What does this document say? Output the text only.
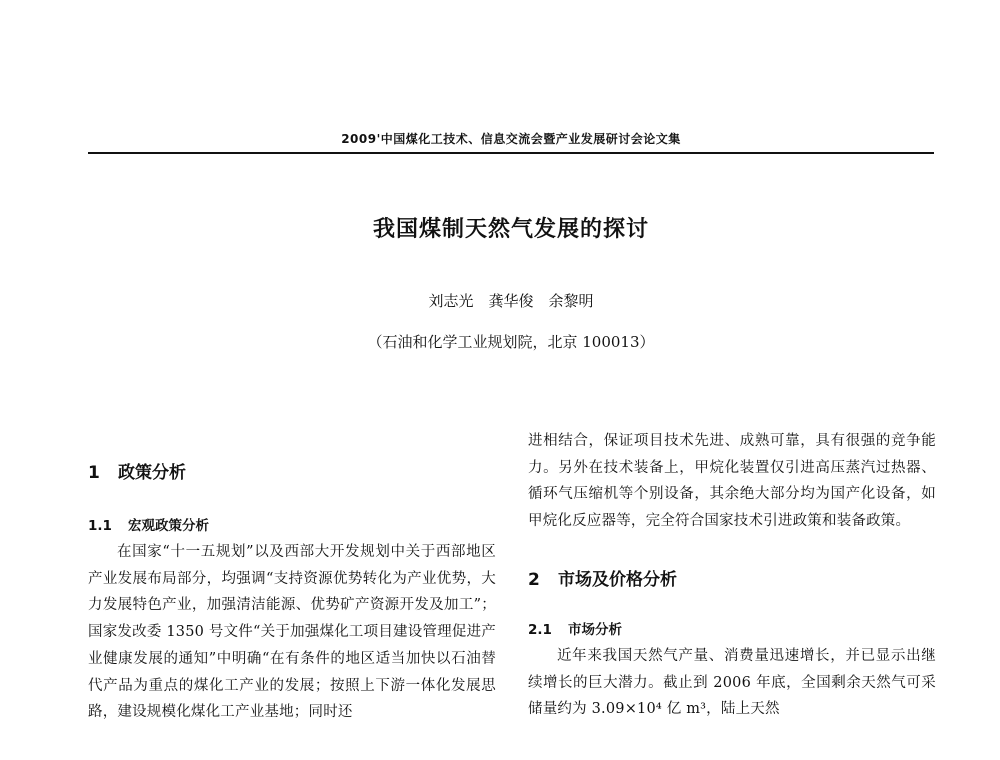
2009'中国煤化工技术、信息交流会暨产业发展研讨会论文集
我国煤制天然气发展的探讨
刘志光　龚华俊　余黎明
（石油和化学工业规划院，北京 100013）
1 政策分析
1.1 宏观政策分析

在国家“十一五规划”以及西部大开发规划中关于西部地区产业发展布局部分，均强调“支持资源优势转化为产业优势，大力发展特色产业，加强清洁能源、优势矿产资源开发及加工”；国家发改委 1350 号文件“关于加强煤化工项目建设管理促进产业健康发展的通知”中明确“在有条件的地区适当加快以石油替代产品为重点的煤化工产业的发展；按照上下游一体化发展思路，建设规模化煤化工产业基地；同时还

进相结合，保证项目技术先进、成熟可靠，具有很强的竞争能力。另外在技术装备上，甲烷化装置仅引进高压蒸汽过热器、循环气压缩机等个别设备，其余绝大部分均为国产化设备，如甲烷化反应器等，完全符合国家技术引进政策和装备政策。

2 市场及价格分析
2.1 市场分析

近年来我国天然气产量、消费量迅速增长，并已显示出继续增长的巨大潜力。截止到 2006 年底，全国剩余天然气可采储量约为 3.09×10⁴ 亿 m³，陆上天然
